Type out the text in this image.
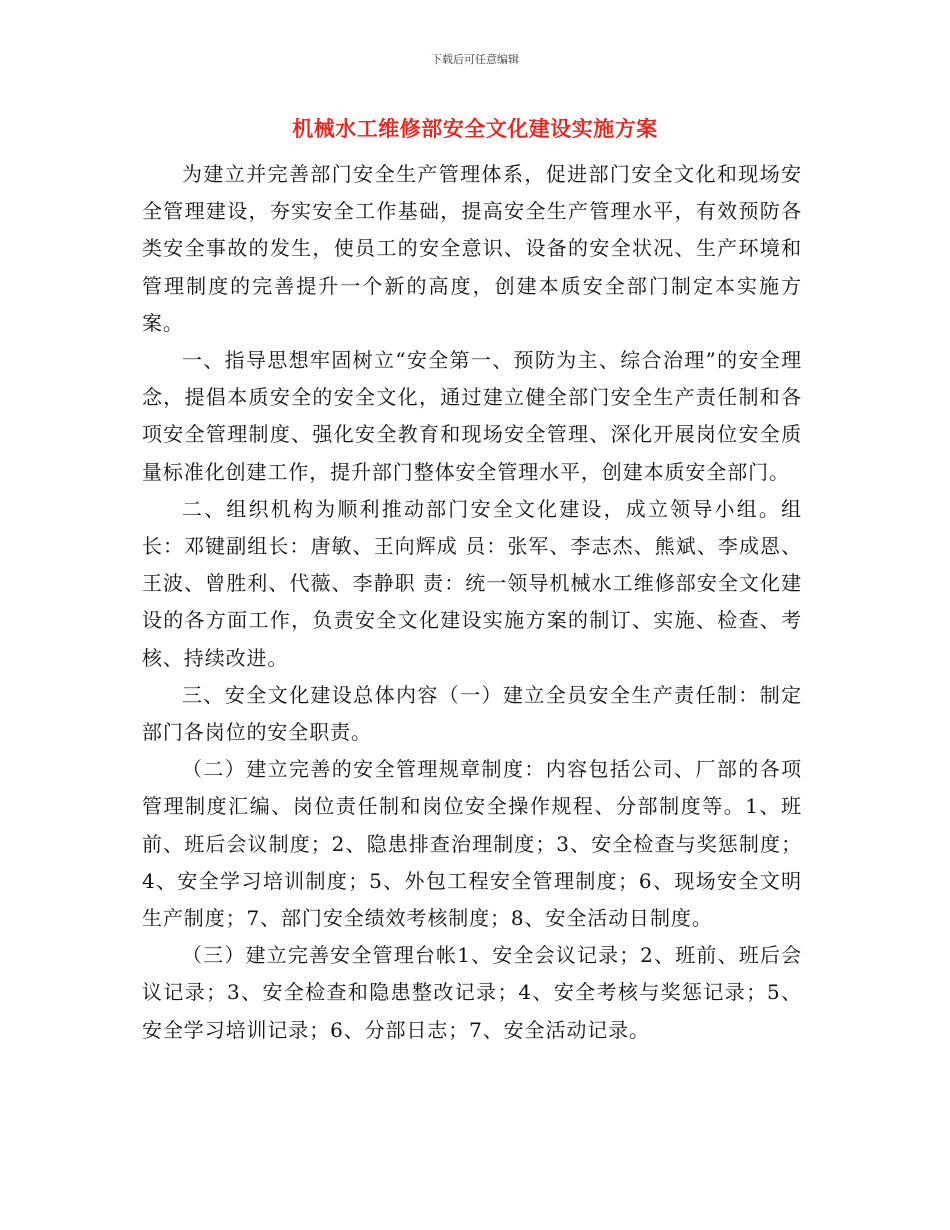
下载后可任意编辑
机械水工维修部安全文化建设实施方案

为建立并完善部门安全生产管理体系，促进部门安全文化和现场安全管理建设，夯实安全工作基础，提高安全生产管理水平，有效预防各类安全事故的发生，使员工的安全意识、设备的安全状况、生产环境和管理制度的完善提升一个新的高度，创建本质安全部门制定本实施方案。

一、指导思想牢固树立“安全第一、预防为主、综合治理”的安全理念，提倡本质安全的安全文化，通过建立健全部门安全生产责任制和各项安全管理制度、强化安全教育和现场安全管理、深化开展岗位安全质量标准化创建工作，提升部门整体安全管理水平，创建本质安全部门。

二、组织机构为顺利推动部门安全文化建设，成立领导小组。组长：邓键副组长：唐敏、王向辉成 员：张军、李志杰、熊斌、李成恩、王波、曾胜利、代薇、李静职 责：统一领导机械水工维修部安全文化建设的各方面工作，负责安全文化建设实施方案的制订、实施、检查、考核、持续改进。

三、安全文化建设总体内容（一）建立全员安全生产责任制：制定部门各岗位的安全职责。

（二）建立完善的安全管理规章制度：内容包括公司、厂部的各项管理制度汇编、岗位责任制和岗位安全操作规程、分部制度等。1、班前、班后会议制度；2、隐患排查治理制度；3、安全检查与奖惩制度；4、安全学习培训制度；5、外包工程安全管理制度；6、现场安全文明生产制度；7、部门安全绩效考核制度；8、安全活动日制度。

（三）建立完善安全管理台帐1、安全会议记录；2、班前、班后会议记录；3、安全检查和隐患整改记录；4、安全考核与奖惩记录；5、安全学习培训记录；6、分部日志；7、安全活动记录。
